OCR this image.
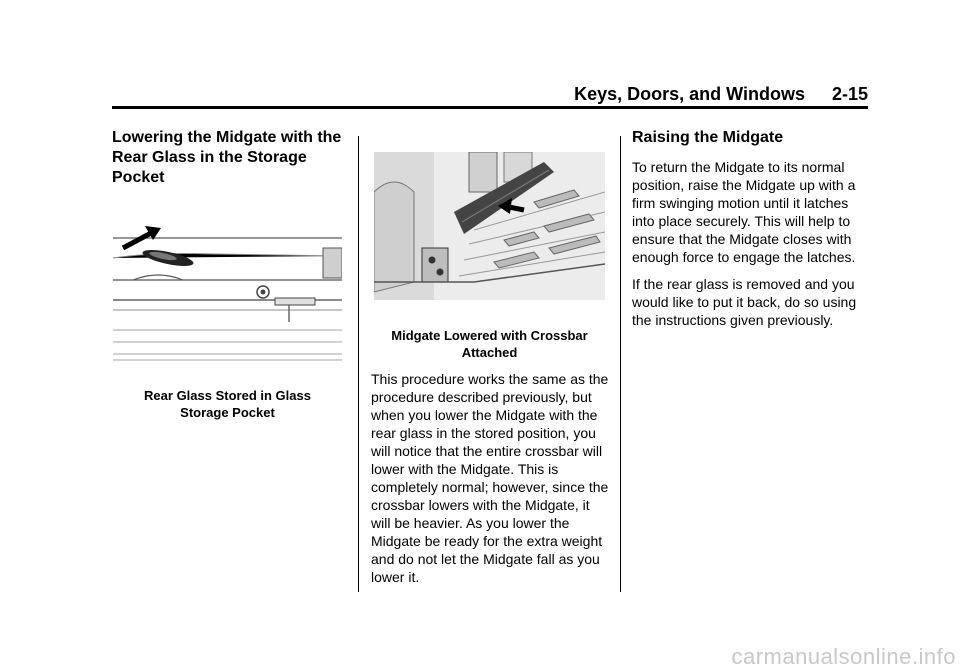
Keys, Doors, and Windows 2-15
Lowering the Midgate with the Rear Glass in the Storage Pocket
Rear Glass Stored in Glass
Storage Pocket
Midgate Lowered with Crossbar
Attached

This procedure works the same as the procedure described previously, but when you lower the Midgate with the rear glass in the stored position, you will notice that the entire crossbar will lower with the Midgate. This is completely normal; however, since the crossbar lowers with the Midgate, it will be heavier. As you lower the Midgate be ready for the extra weight and do not let the Midgate fall as you lower it.

Raising the Midgate

To return the Midgate to its normal position, raise the Midgate up with a firm swinging motion until it latches into place securely. This will help to ensure that the Midgate closes with enough force to engage the latches.

If the rear glass is removed and you would like to put it back, do so using the instructions given previously.

carmanualsonline.info
